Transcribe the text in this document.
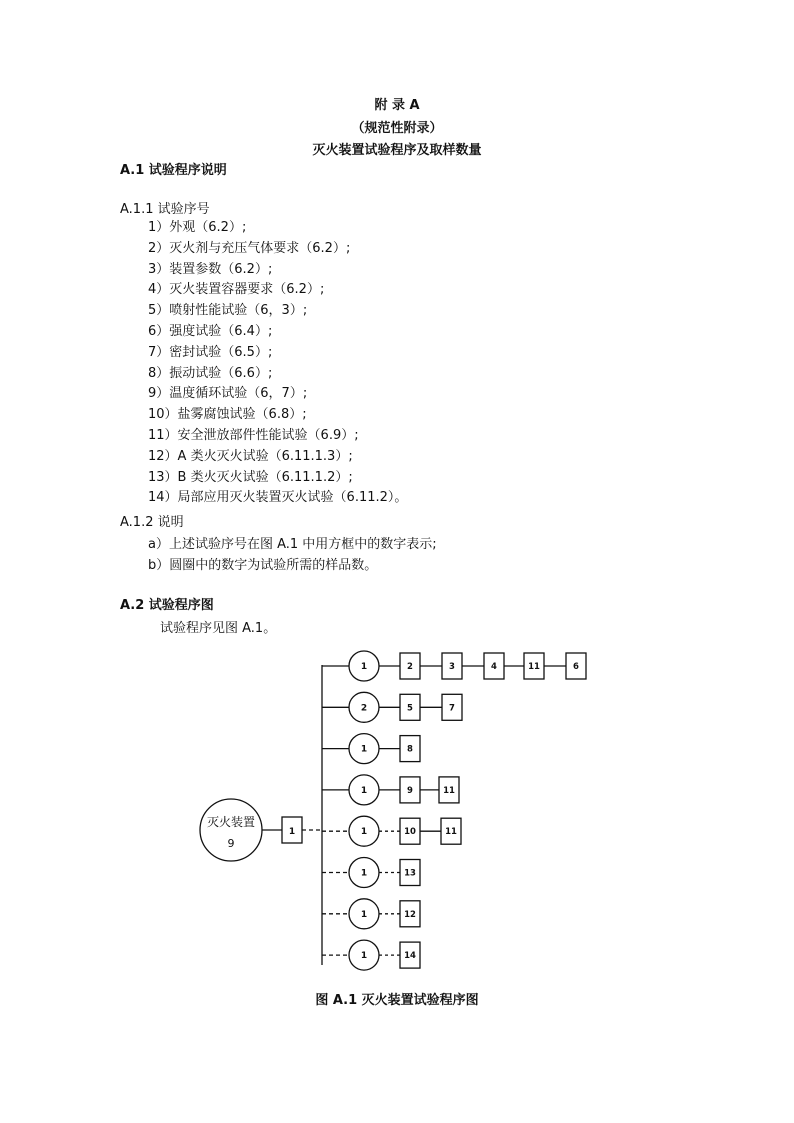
附 录 A
（规范性附录）
灭火装置试验程序及取样数量
A.1 试验程序说明
A.1.1 试验序号
1）外观（6.2）;
2）灭火剂与充压气体要求（6.2）;
3）装置参数（6.2）;
4）灭火装置容器要求（6.2）;
5）喷射性能试验（6，3）;
6）强度试验（6.4）;
7）密封试验（6.5）;
8）振动试验（6.6）;
9）温度循环试验（6，7）;
10）盐雾腐蚀试验（6.8）;
11）安全泄放部件性能试验（6.9）;
12）A 类火灭火试验（6.11.1.3）;
13）B 类火灭火试验（6.11.1.2）;
14）局部应用灭火装置灭火试验（6.11.2）。
A.1.2 说明
a）上述试验序号在图 A.1 中用方框中的数字表示;
b）圆圈中的数字为试验所需的样品数。
A.2 试验程序图
试验程序见图 A.1。
灭火装置
9
1
1	2	3	4	11	6
2	5	7
1	8
1	9	11
1	10	11
1	13
1	12
1	14
图 A.1 灭火装置试验程序图
